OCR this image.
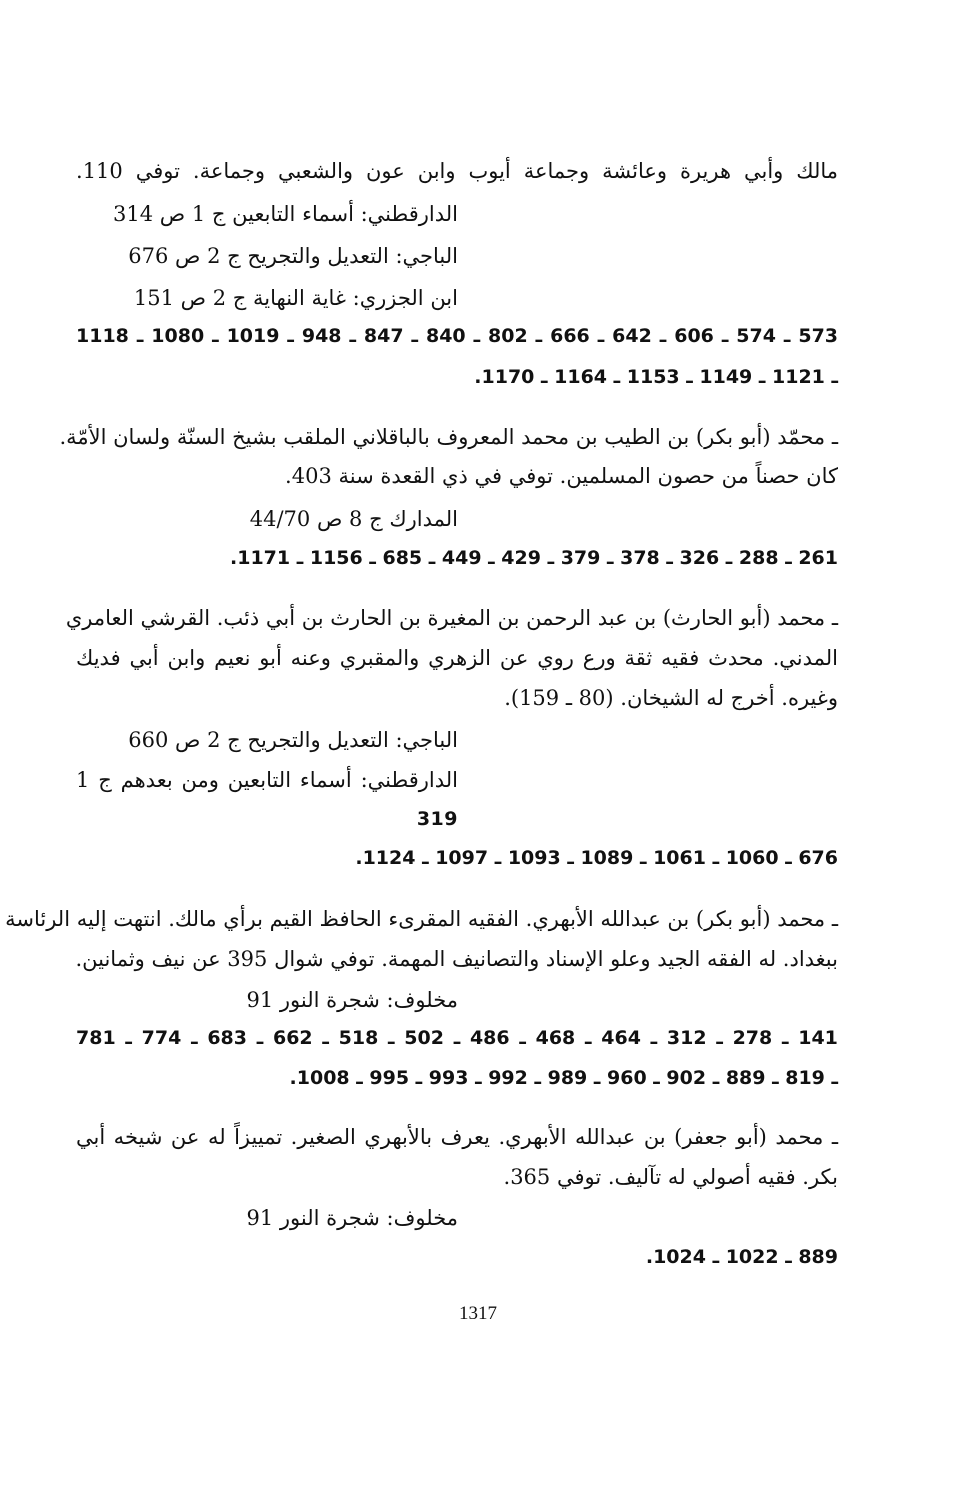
مالك وأبي هريرة وعائشة وجماعة أيوب وابن عون والشعبي وجماعة. توفي 110.
الدارقطني: أسماء التابعين ج 1 ص 314
الباجي: التعديل والتجريح ج 2 ص 676
ابن الجزري: غاية النهاية ج 2 ص 151
573 ـ 574 ـ 606 ـ 642 ـ 666 ـ 802 ـ 840 ـ 847 ـ 948 ـ 1019 ـ 1080 ـ 1118
ـ 1121 ـ 1149 ـ 1153 ـ 1164 ـ 1170.
ـ محمّد (أبو بكر) بن الطيب بن محمد المعروف بالباقلاني الملقب بشيخ السنّة ولسان الأمّة.
كان حصناً من حصون المسلمين. توفي في ذي القعدة سنة 403.
المدارك ج 8 ص 44/70
261 ـ 288 ـ 326 ـ 378 ـ 379 ـ 429 ـ 449 ـ 685 ـ 1156 ـ 1171.
ـ محمد (أبو الحارث) بن عبد الرحمن بن المغيرة بن الحارث بن أبي ذئب. القرشي العامري
المدني. محدث فقيه ثقة ورع روي عن الزهري والمقبري وعنه أبو نعيم وابن أبي فديك
وغيره. أخرج له الشيخان. (80 ـ 159).
الباجي: التعديل والتجريح ج 2 ص 660
الدارقطني: أسماء التابعين ومن بعدهم ج 1
319
676 ـ 1060 ـ 1061 ـ 1089 ـ 1093 ـ 1097 ـ 1124.
ـ محمد (أبو بكر) بن عبدالله الأبهري. الفقيه المقرىء الحافظ القيم برأي مالك. انتهت إليه الرئاسة
ببغداد. له الفقه الجيد وعلو الإسناد والتصانيف المهمة. توفي شوال 395 عن نيف وثمانين.
مخلوف: شجرة النور 91
141 ـ 278 ـ 312 ـ 464 ـ 468 ـ 486 ـ 502 ـ 518 ـ 662 ـ 683 ـ 774 ـ 781
ـ 819 ـ 889 ـ 902 ـ 960 ـ 989 ـ 992 ـ 993 ـ 995 ـ 1008.
ـ محمد (أبو جعفر) بن عبدالله الأبهري. يعرف بالأبهري الصغير. تمييزاً له عن شيخه أبي
بكر. فقيه أصولي له تآليف. توفي 365.
مخلوف: شجرة النور 91
889 ـ 1022 ـ 1024.
1317
